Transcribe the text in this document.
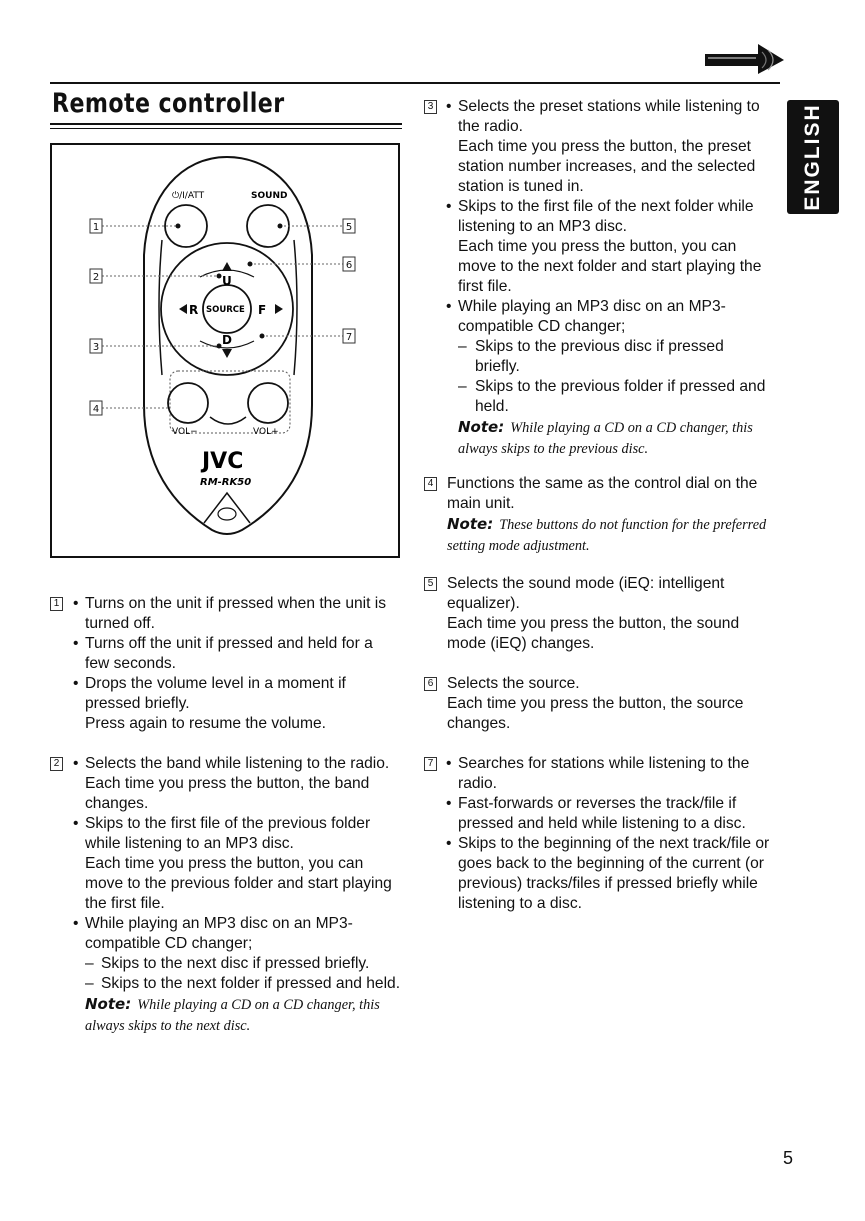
Remote controller	ENGLISH
⏻/I/ATT	SOUND
U
D
R	F
SOURCE
VOL−	VOL+
JVC
RM-RK50
1
2
3
4
5
6
7
1 • Turns on the unit if pressed when the unit is turned off.

• Turns off the unit if pressed and held for a few seconds.

• Drops the volume level in a moment if pressed briefly.

Press again to resume the volume.

2 • Selects the band while listening to the radio.

Each time you press the button, the band changes.

• Skips to the first file of the previous folder while listening to an MP3 disc.

Each time you press the button, you can move to the previous folder and start playing the first file.

• While playing an MP3 disc on an MP3-compatible CD changer;

– Skips to the next disc if pressed briefly.

– Skips to the next folder if pressed and held.

Note: While playing a CD on a CD changer, this always skips to the next disc.

3 • Selects the preset stations while listening to the radio.

Each time you press the button, the preset station number increases, and the selected station is tuned in.

• Skips to the first file of the next folder while listening to an MP3 disc.

Each time you press the button, you can move to the next folder and start playing the first file.

• While playing an MP3 disc on an MP3-compatible CD changer;

– Skips to the previous disc if pressed briefly.

– Skips to the previous folder if pressed and held.

Note: While playing a CD on a CD changer, this always skips to the previous disc.

4 Functions the same as the control dial on the main unit.

Note: These buttons do not function for the preferred setting mode adjustment.

5 Selects the sound mode (iEQ: intelligent equalizer).

Each time you press the button, the sound mode (iEQ) changes.

6 Selects the source.

Each time you press the button, the source changes.

7 • Searches for stations while listening to the radio.

• Fast-forwards or reverses the track/file if pressed and held while listening to a disc.

• Skips to the beginning of the next track/file or goes back to the beginning of the current (or previous) tracks/files if pressed briefly while listening to a disc.

5
